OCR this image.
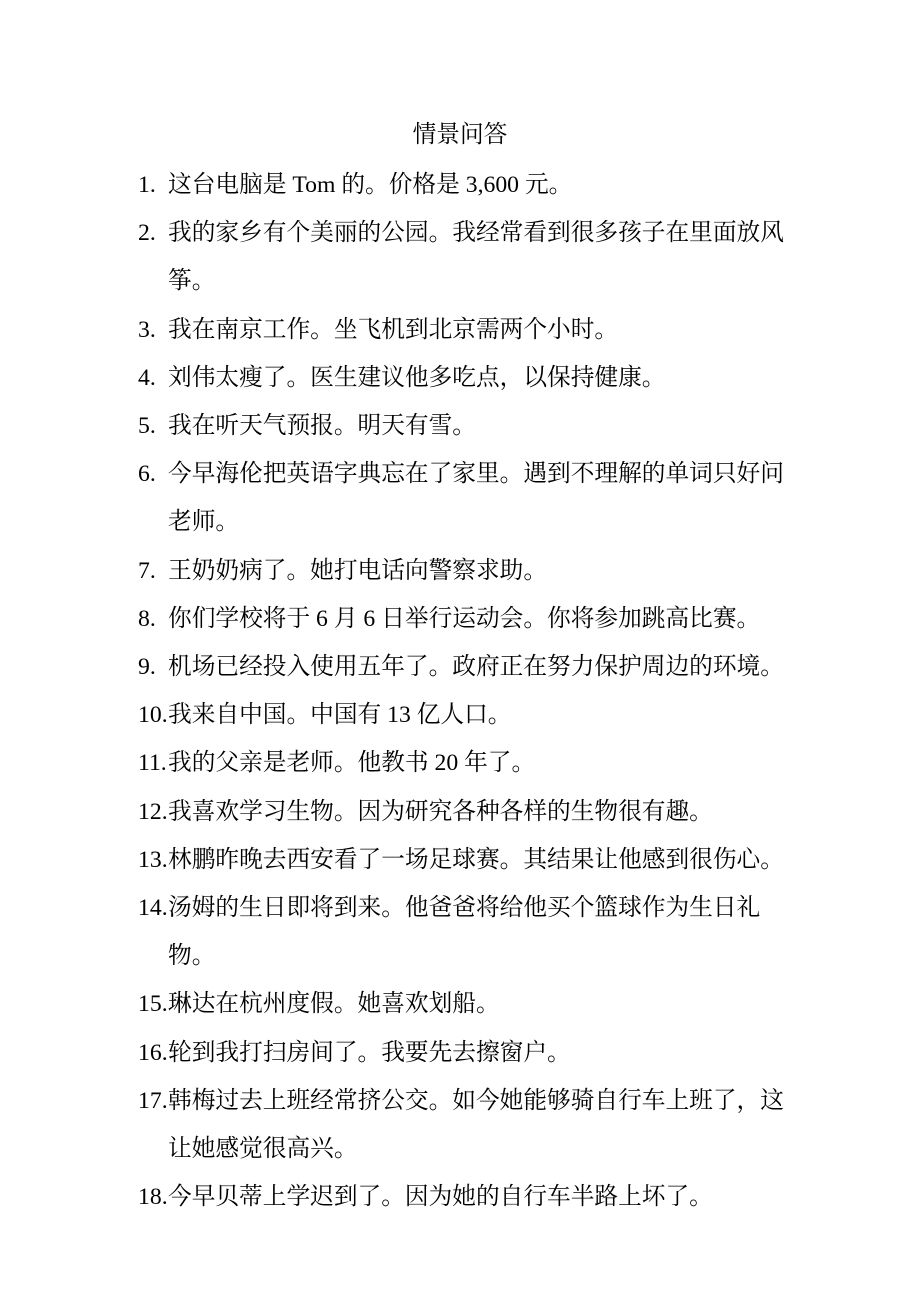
情景问答
1. 这台电脑是 Tom 的。价格是 3,600 元。
2. 我的家乡有个美丽的公园。我经常看到很多孩子在里面放风筝。
3. 我在南京工作。坐飞机到北京需两个小时。
4. 刘伟太瘦了。医生建议他多吃点，以保持健康。
5. 我在听天气预报。明天有雪。
6. 今早海伦把英语字典忘在了家里。遇到不理解的单词只好问老师。
7. 王奶奶病了。她打电话向警察求助。
8. 你们学校将于 6 月 6 日举行运动会。你将参加跳高比赛。
9. 机场已经投入使用五年了。政府正在努力保护周边的环境。
10. 我来自中国。中国有 13 亿人口。
11. 我的父亲是老师。他教书 20 年了。
12. 我喜欢学习生物。因为研究各种各样的生物很有趣。
13. 林鹏昨晚去西安看了一场足球赛。其结果让他感到很伤心。
14. 汤姆的生日即将到来。他爸爸将给他买个篮球作为生日礼物。
15. 琳达在杭州度假。她喜欢划船。
16. 轮到我打扫房间了。我要先去擦窗户。
17. 韩梅过去上班经常挤公交。如今她能够骑自行车上班了，这让她感觉很高兴。
18. 今早贝蒂上学迟到了。因为她的自行车半路上坏了。
